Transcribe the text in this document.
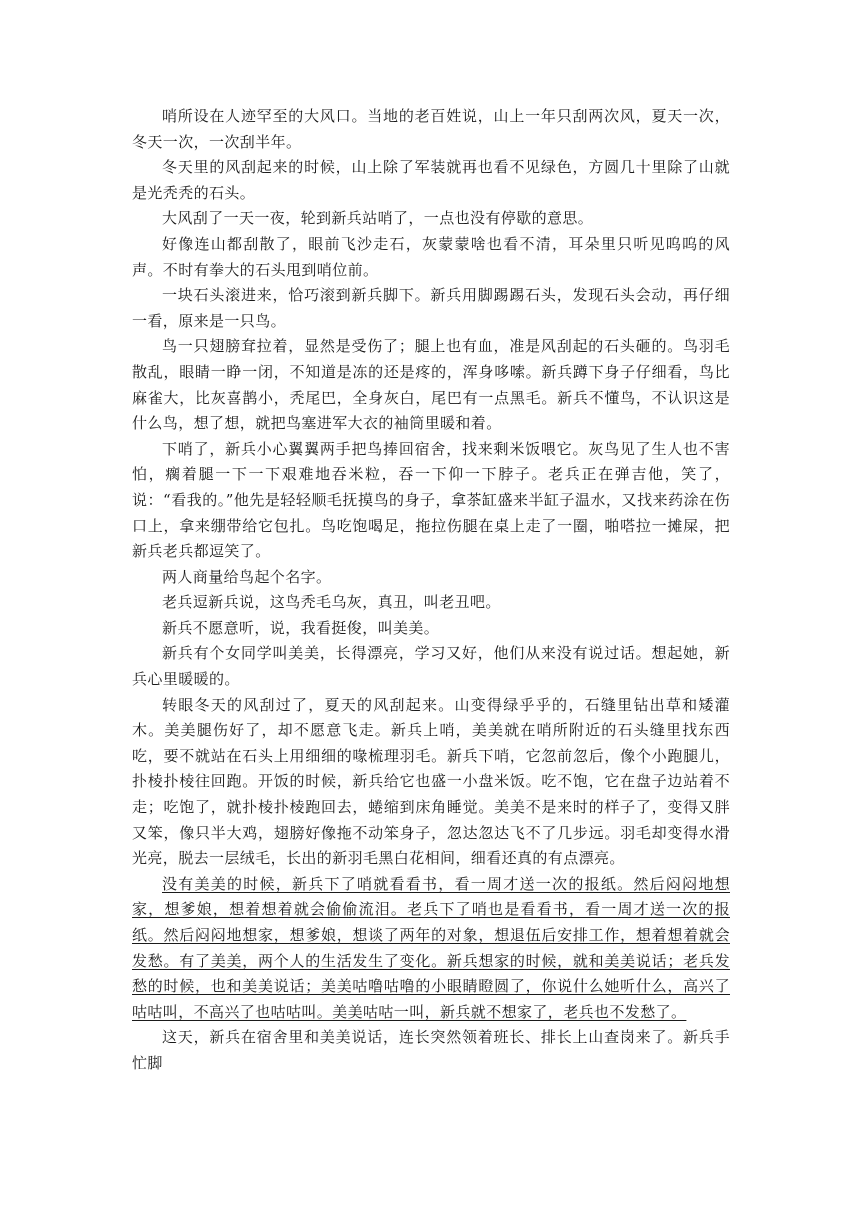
哨所设在人迹罕至的大风口。当地的老百姓说，山上一年只刮两次风，夏天一次，冬天一次，一次刮半年。

冬天里的风刮起来的时候，山上除了军装就再也看不见绿色，方圆几十里除了山就是光秃秃的石头。

大风刮了一天一夜，轮到新兵站哨了，一点也没有停歇的意思。

好像连山都刮散了，眼前飞沙走石，灰蒙蒙啥也看不清，耳朵里只听见呜呜的风声。不时有拳大的石头甩到哨位前。

一块石头滚进来，恰巧滚到新兵脚下。新兵用脚踢踢石头，发现石头会动，再仔细一看，原来是一只鸟。

鸟一只翅膀耷拉着，显然是受伤了；腿上也有血，准是风刮起的石头砸的。鸟羽毛散乱，眼睛一睁一闭，不知道是冻的还是疼的，浑身哆嗦。新兵蹲下身子仔细看，鸟比麻雀大，比灰喜鹊小，秃尾巴，全身灰白，尾巴有一点黑毛。新兵不懂鸟，不认识这是什么鸟，想了想，就把鸟塞进军大衣的袖筒里暖和着。

下哨了，新兵小心翼翼两手把鸟捧回宿舍，找来剩米饭喂它。灰鸟见了生人也不害怕，瘸着腿一下一下艰难地吞米粒，吞一下仰一下脖子。老兵正在弹吉他，笑了，说：“看我的。”他先是轻轻顺毛抚摸鸟的身子，拿茶缸盛来半缸子温水，又找来药涂在伤口上，拿来绷带给它包扎。鸟吃饱喝足，拖拉伤腿在桌上走了一圈，啪嗒拉一摊屎，把新兵老兵都逗笑了。

两人商量给鸟起个名字。

老兵逗新兵说，这鸟秃毛乌灰，真丑，叫老丑吧。

新兵不愿意听，说，我看挺俊，叫美美。

新兵有个女同学叫美美，长得漂亮，学习又好，他们从来没有说过话。想起她，新兵心里暖暖的。

转眼冬天的风刮过了，夏天的风刮起来。山变得绿乎乎的，石缝里钻出草和矮灌木。美美腿伤好了，却不愿意飞走。新兵上哨，美美就在哨所附近的石头缝里找东西吃，要不就站在石头上用细细的喙梳理羽毛。新兵下哨，它忽前忽后，像个小跑腿儿，扑棱扑棱往回跑。开饭的时候，新兵给它也盛一小盘米饭。吃不饱，它在盘子边站着不走；吃饱了，就扑棱扑棱跑回去，蜷缩到床角睡觉。美美不是来时的样子了，变得又胖又笨，像只半大鸡，翅膀好像拖不动笨身子，忽达忽达飞不了几步远。羽毛却变得水滑光亮，脱去一层绒毛，长出的新羽毛黑白花相间，细看还真的有点漂亮。

没有美美的时候，新兵下了哨就看看书，看一周才送一次的报纸。然后闷闷地想家，想爹娘，想着想着就会偷偷流泪。老兵下了哨也是看看书，看一周才送一次的报纸。然后闷闷地想家，想爹娘，想谈了两年的对象，想退伍后安排工作，想着想着就会发愁。有了美美，两个人的生活发生了变化。新兵想家的时候，就和美美说话；老兵发愁的时候，也和美美说话；美美咕噜咕噜的小眼睛瞪圆了，你说什么她听什么，高兴了咕咕叫，不高兴了也咕咕叫。美美咕咕一叫，新兵就不想家了，老兵也不发愁了。

这天，新兵在宿舍里和美美说话，连长突然领着班长、排长上山查岗来了。新兵手忙脚
